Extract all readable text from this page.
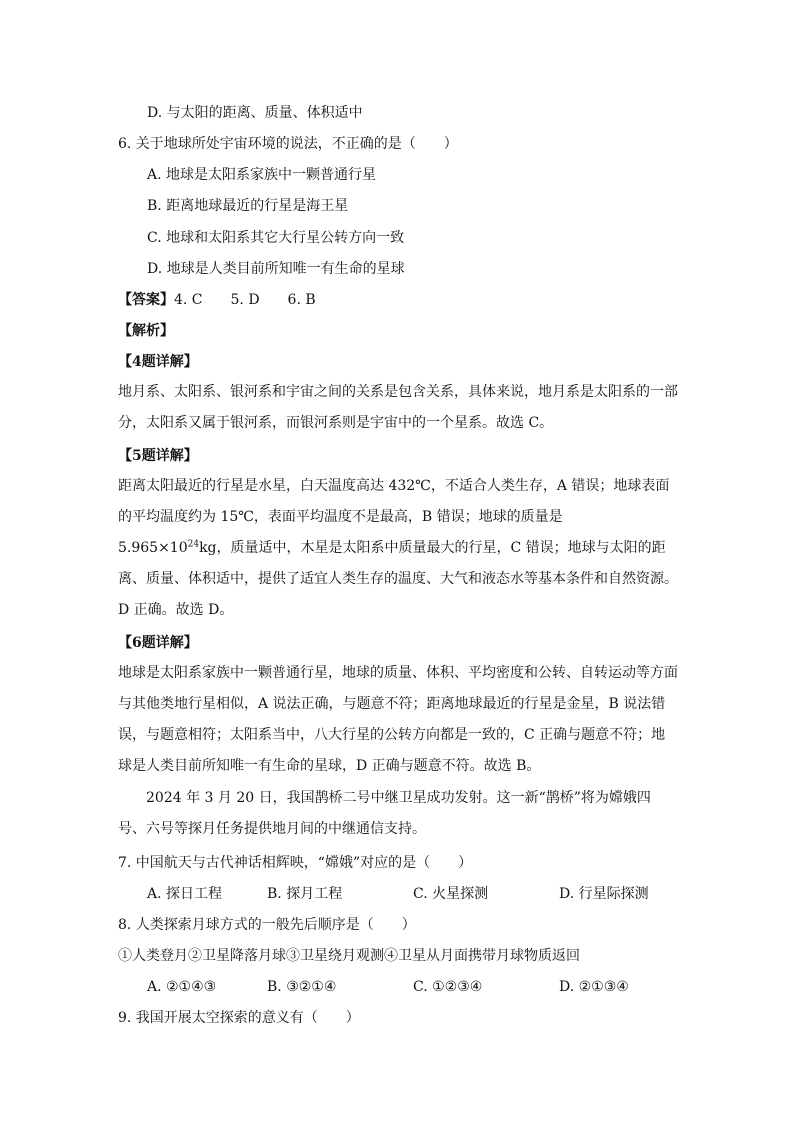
D. 与太阳的距离、质量、体积适中
6. 关于地球所处宇宙环境的说法，不正确的是（　　）
A. 地球是太阳系家族中一颗普通行星
B. 距离地球最近的行星是海王星
C. 地球和太阳系其它大行星公转方向一致
D. 地球是人类目前所知唯一有生命的星球
【答案】4. C　　5. D　　6. B
【解析】
【4题详解】
地月系、太阳系、银河系和宇宙之间的关系是包含关系，具体来说，地月系是太阳系的一部分，太阳系又属于银河系，而银河系则是宇宙中的一个星系。故选 C。
【5题详解】
距离太阳最近的行星是水星，白天温度高达 432℃，不适合人类生存，A 错误；地球表面的平均温度约为 15℃，表面平均温度不是最高，B 错误；地球的质量是 $5.965\times 10^{24}kg$，质量适中，木星是太阳系中质量最大的行星，C 错误；地球与太阳的距离、质量、体积适中，提供了适宜人类生存的温度、大气和液态水等基本条件和自然资源。D 正确。故选 D。
【6题详解】
地球是太阳系家族中一颗普通行星，地球的质量、体积、平均密度和公转、自转运动等方面与其他类地行星相似，A 说法正确，与题意不符；距离地球最近的行星是金星，B 说法错误，与题意相符；太阳系当中，八大行星的公转方向都是一致的，C 正确与题意不符；地球是人类目前所知唯一有生命的星球，D 正确与题意不符。故选 B。
2024 年 3 月 20 日，我国鹊桥二号中继卫星成功发射。这一新“鹊桥”将为嫦娥四号、六号等探月任务提供地月间的中继通信支持。
7. 中国航天与古代神话相辉映，“嫦娥”对应的是（　　）
A. 探日工程	B. 探月工程	C. 火星探测	D. 行星际探测
8. 人类探索月球方式的一般先后顺序是（　　）
①人类登月②卫星降落月球③卫星绕月观测④卫星从月面携带月球物质返回
A. ②①④③	B. ③②①④	C. ①②③④	D. ②①③④
9. 我国开展太空探索的意义有（　　）
